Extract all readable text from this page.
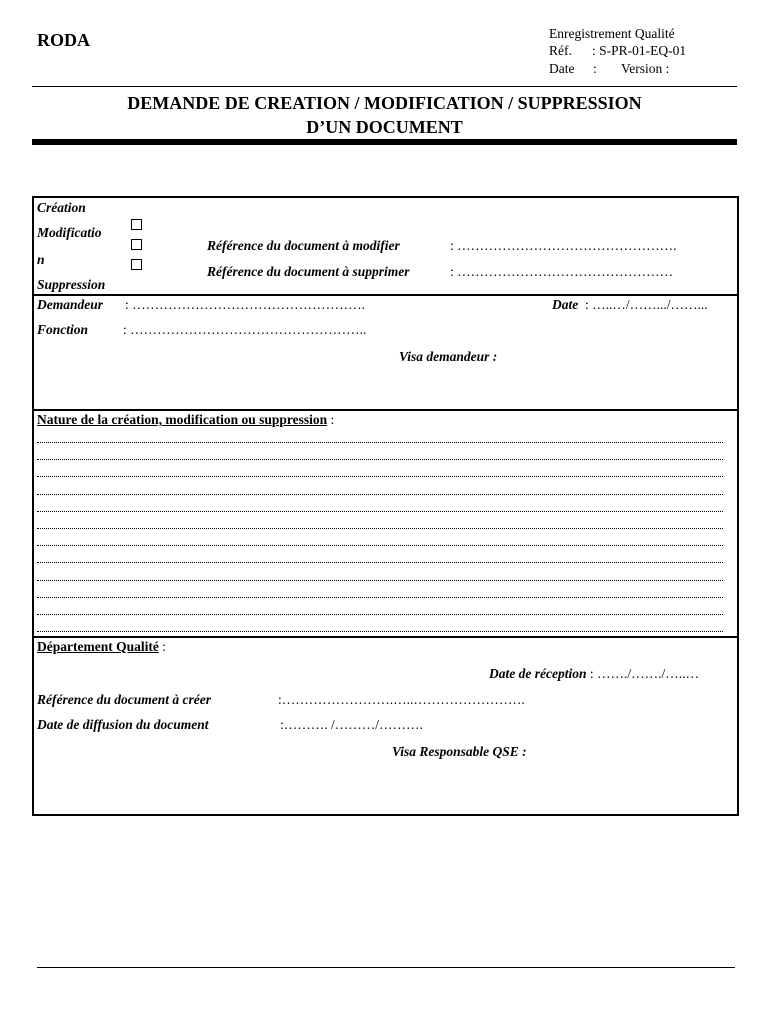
RODA	Enregistrement Qualité
Réf. : S-PR-01-EQ-01
Date : Version :
DEMANDE DE CREATION / MODIFICATION / SUPPRESSION
D’UN DOCUMENT
Création
Modificatio
n
Suppression
Référence du document à modifier	: ………………………………………….
Référence du document à supprimer	: …………………………………………
Demandeur : …………………………………………….	Date : …..…/…….../……...
Fonction	: ……………………………………………..
Visa demandeur :
Nature de la création, modification ou suppression :
Département Qualité :
Date de réception : ……./……./…..…
Référence du document à créer	:…………………….…..…………………….
Date de diffusion du document	:………. /………/……….
Visa Responsable QSE :
